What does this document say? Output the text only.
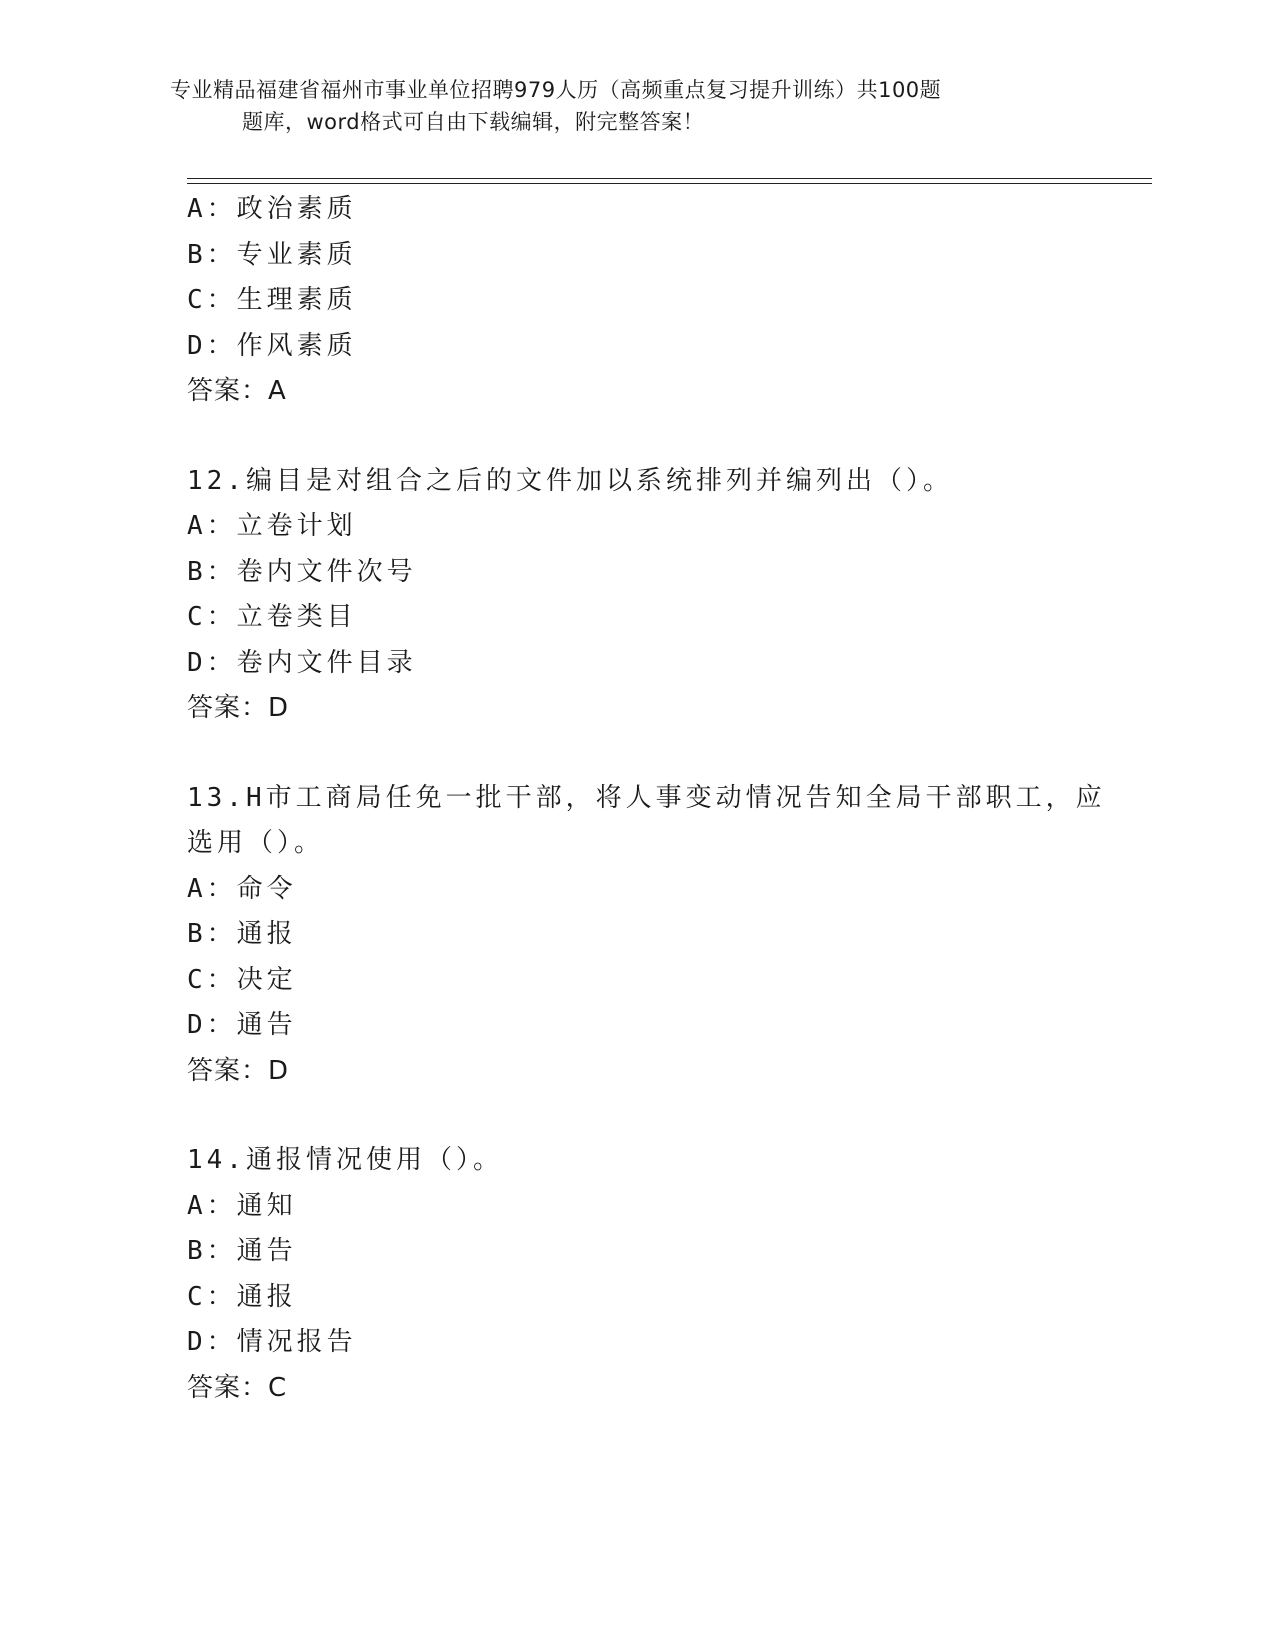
专业精品福建省福州市事业单位招聘979人历（高频重点复习提升训练）共100题
题库，word格式可自由下载编辑，附完整答案！
A：政治素质
B：专业素质
C：生理素质
D：作风素质
答案：A
12.编目是对组合之后的文件加以系统排列并编列出（）。
A：立卷计划
B：卷内文件次号
C：立卷类目
D：卷内文件目录
答案：D
13.H市工商局任免一批干部，将人事变动情况告知全局干部职工，应
选用（）。
A：命令
B：通报
C：决定
D：通告
答案：D
14.通报情况使用（）。
A：通知
B：通告
C：通报
D：情况报告
答案：C
